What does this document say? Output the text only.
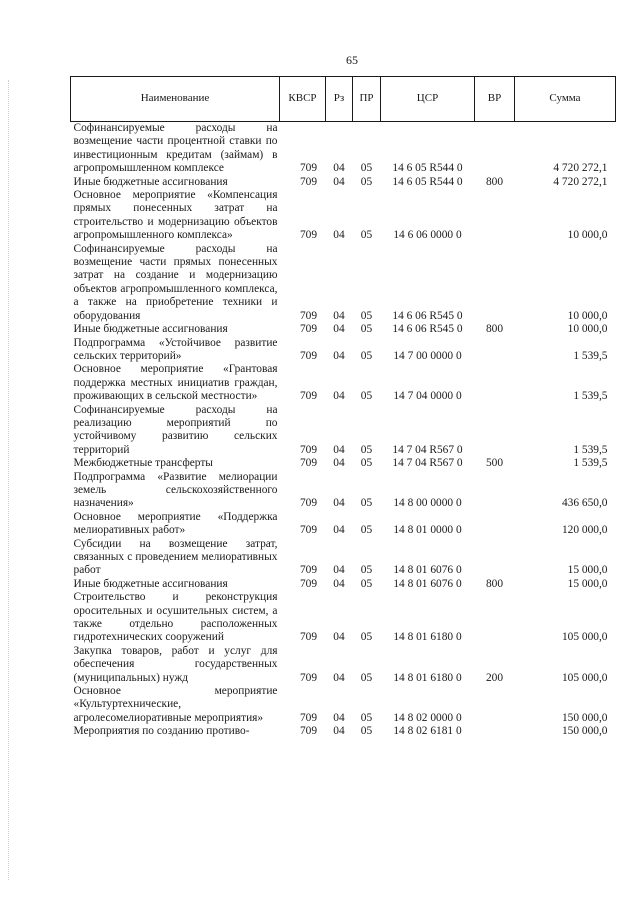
65
Наименование	КВСР	Рз	ПР	ЦСР	ВР	Сумма
Софинансируемые расходы на возмещение части процентной ставки по инвестиционным кредитам (займам) в агропромышленном комплексе	709	04	05	14 6 05 R544 0		4 720 272,1
Иные бюджетные ассигнования	709	04	05	14 6 05 R544 0	800	4 720 272,1
Основное мероприятие «Компенсация прямых понесенных затрат на строительство и модернизацию объектов агропромышленного комплекса»	709	04	05	14 6 06 0000 0		10 000,0
Софинансируемые расходы на возмещение части прямых понесенных затрат на создание и модернизацию объектов агропромышленного комплекса, а также на приобретение техники и оборудования	709	04	05	14 6 06 R545 0		10 000,0
Иные бюджетные ассигнования	709	04	05	14 6 06 R545 0	800	10 000,0
Подпрограмма «Устойчивое развитие сельских территорий»	709	04	05	14 7 00 0000 0		1 539,5
Основное мероприятие «Грантовая поддержка местных инициатив граждан, проживающих в сельской местности»	709	04	05	14 7 04 0000 0		1 539,5
Софинансируемые расходы на реализацию мероприятий по устойчивому развитию сельских территорий	709	04	05	14 7 04 R567 0		1 539,5
Межбюджетные трансферты	709	04	05	14 7 04 R567 0	500	1 539,5
Подпрограмма «Развитие мелиорации земель сельскохозяйственного назначения»	709	04	05	14 8 00 0000 0		436 650,0
Основное мероприятие «Поддержка мелиоративных работ»	709	04	05	14 8 01 0000 0		120 000,0
Субсидии на возмещение затрат, связанных с проведением мелиоративных работ	709	04	05	14 8 01 6076 0		15 000,0
Иные бюджетные ассигнования	709	04	05	14 8 01 6076 0	800	15 000,0
Строительство и реконструкция оросительных и осушительных систем, а также отдельно расположенных гидротехнических сооружений	709	04	05	14 8 01 6180 0		105 000,0
Закупка товаров, работ и услуг для обеспечения государственных (муниципальных) нужд	709	04	05	14 8 01 6180 0	200	105 000,0
Основное мероприятие «Культуртехнические, агролесомелиоративные мероприятия»	709	04	05	14 8 02 0000 0		150 000,0
Мероприятия по созданию противо-	709	04	05	14 8 02 6181 0		150 000,0
